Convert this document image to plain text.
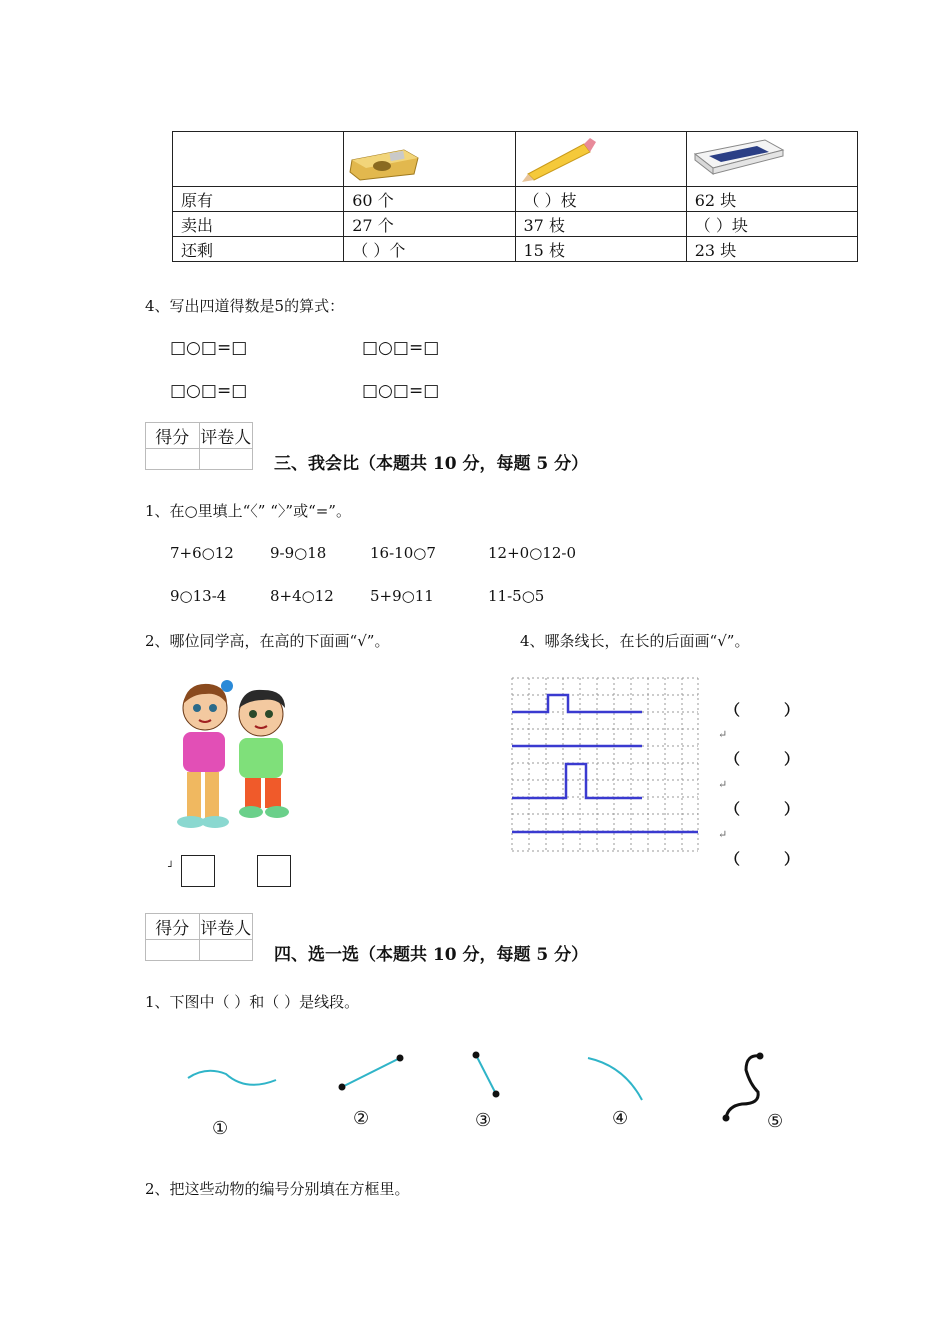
原有	60 个	（ ）枝	62 块
卖出	27 个	37 枝	（ ）块
还剩	（ ）个	15 枝	23 块
4、写出四道得数是5的算式：
□○□=□	□○□=□
□○□=□	□○□=□
得分	评卷人

三、我会比（本题共 10 分，每题 5 分）
1、在○里填上“〈” “〉”或“=”。
7+6○12 9-9○18	16-10○7	12+0○12-0
9○13-4	8+4○12 5+9○11	11-5○5
2、哪位同学高，在高的下面画“√”。	4、哪条线长，在长的后面画“√”。
┘
（	）
↵
（	）
↵
（	）
↵
（	）
得分	评卷人

四、选一选（本题共 10 分，每题 5 分）
1、下图中（ ）和（ ）是线段。
①	②	③	④	⑤
2、把这些动物的编号分别填在方框里。
